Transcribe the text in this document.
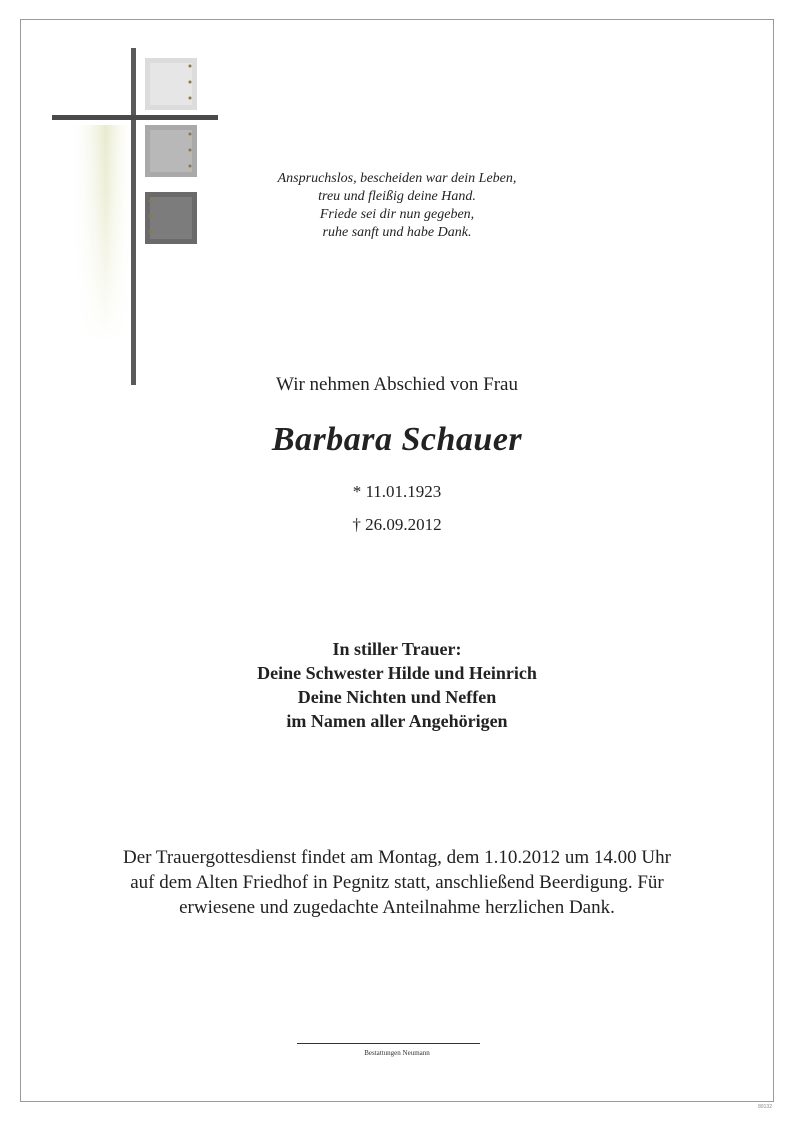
Anspruchslos, bescheiden war dein Leben,
treu und fleißig deine Hand.
Friede sei dir nun gegeben,
ruhe sanft und habe Dank.
Wir nehmen Abschied von Frau
Barbara Schauer
* 11.01.1923
† 26.09.2012
In stiller Trauer:
Deine Schwester Hilde und Heinrich
Deine Nichten und Neffen
im Namen aller Angehörigen
Der Trauergottesdienst findet am Montag, dem 1.10.2012 um 14.00 Uhr
auf dem Alten Friedhof in Pegnitz statt, anschließend Beerdigung. Für
erwiesene und zugedachte Anteilnahme herzlichen Dank.
Bestattungen Neumann
89132
